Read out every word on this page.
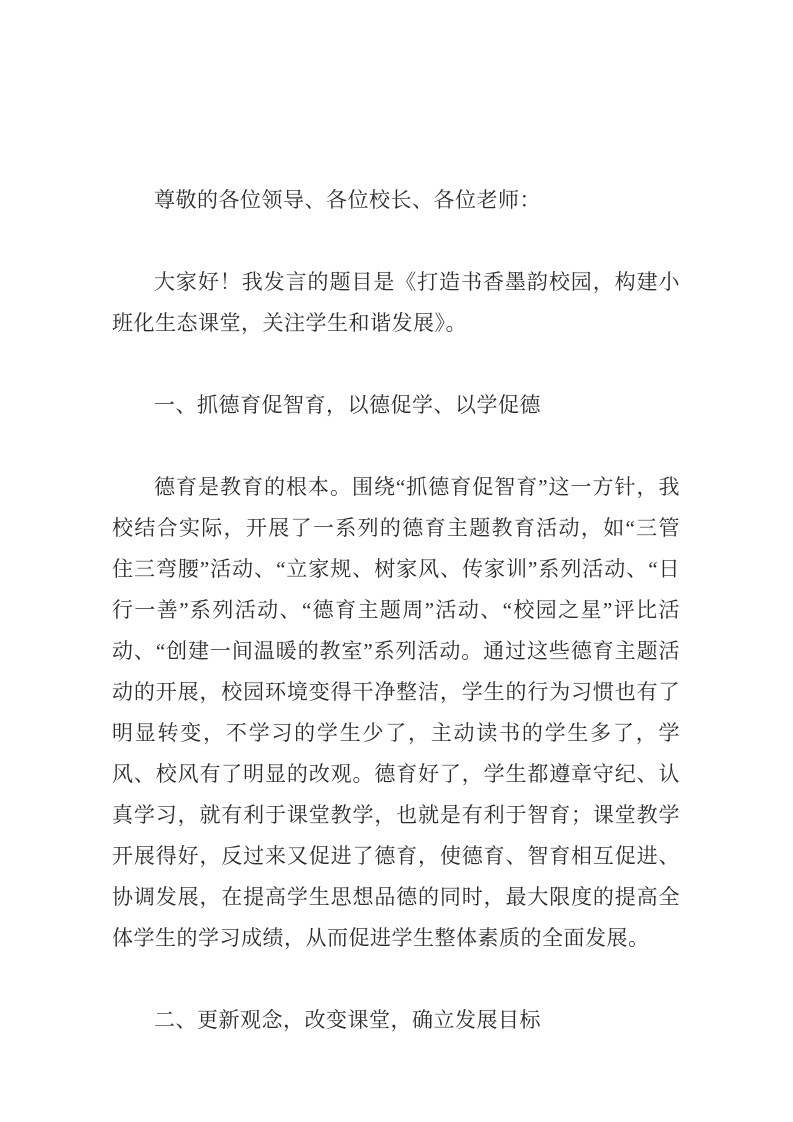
尊敬的各位领导、各位校长、各位老师：

大家好！我发言的题目是《打造书香墨韵校园，构建小班化生态课堂，关注学生和谐发展》。

一、抓德育促智育，以德促学、以学促德

德育是教育的根本。围绕“抓德育促智育”这一方针，我校结合实际，开展了一系列的德育主题教育活动，如“三管住三弯腰”活动、“立家规、树家风、传家训”系列活动、“日行一善”系列活动、“德育主题周”活动、“校园之星”评比活动、“创建一间温暖的教室”系列活动。通过这些德育主题活动的开展，校园环境变得干净整洁，学生的行为习惯也有了明显转变，不学习的学生少了，主动读书的学生多了，学风、校风有了明显的改观。德育好了，学生都遵章守纪、认真学习，就有利于课堂教学，也就是有利于智育；课堂教学开展得好，反过来又促进了德育，使德育、智育相互促进、协调发展，在提高学生思想品德的同时，最大限度的提高全体学生的学习成绩，从而促进学生整体素质的全面发展。

二、更新观念，改变课堂，确立发展目标
